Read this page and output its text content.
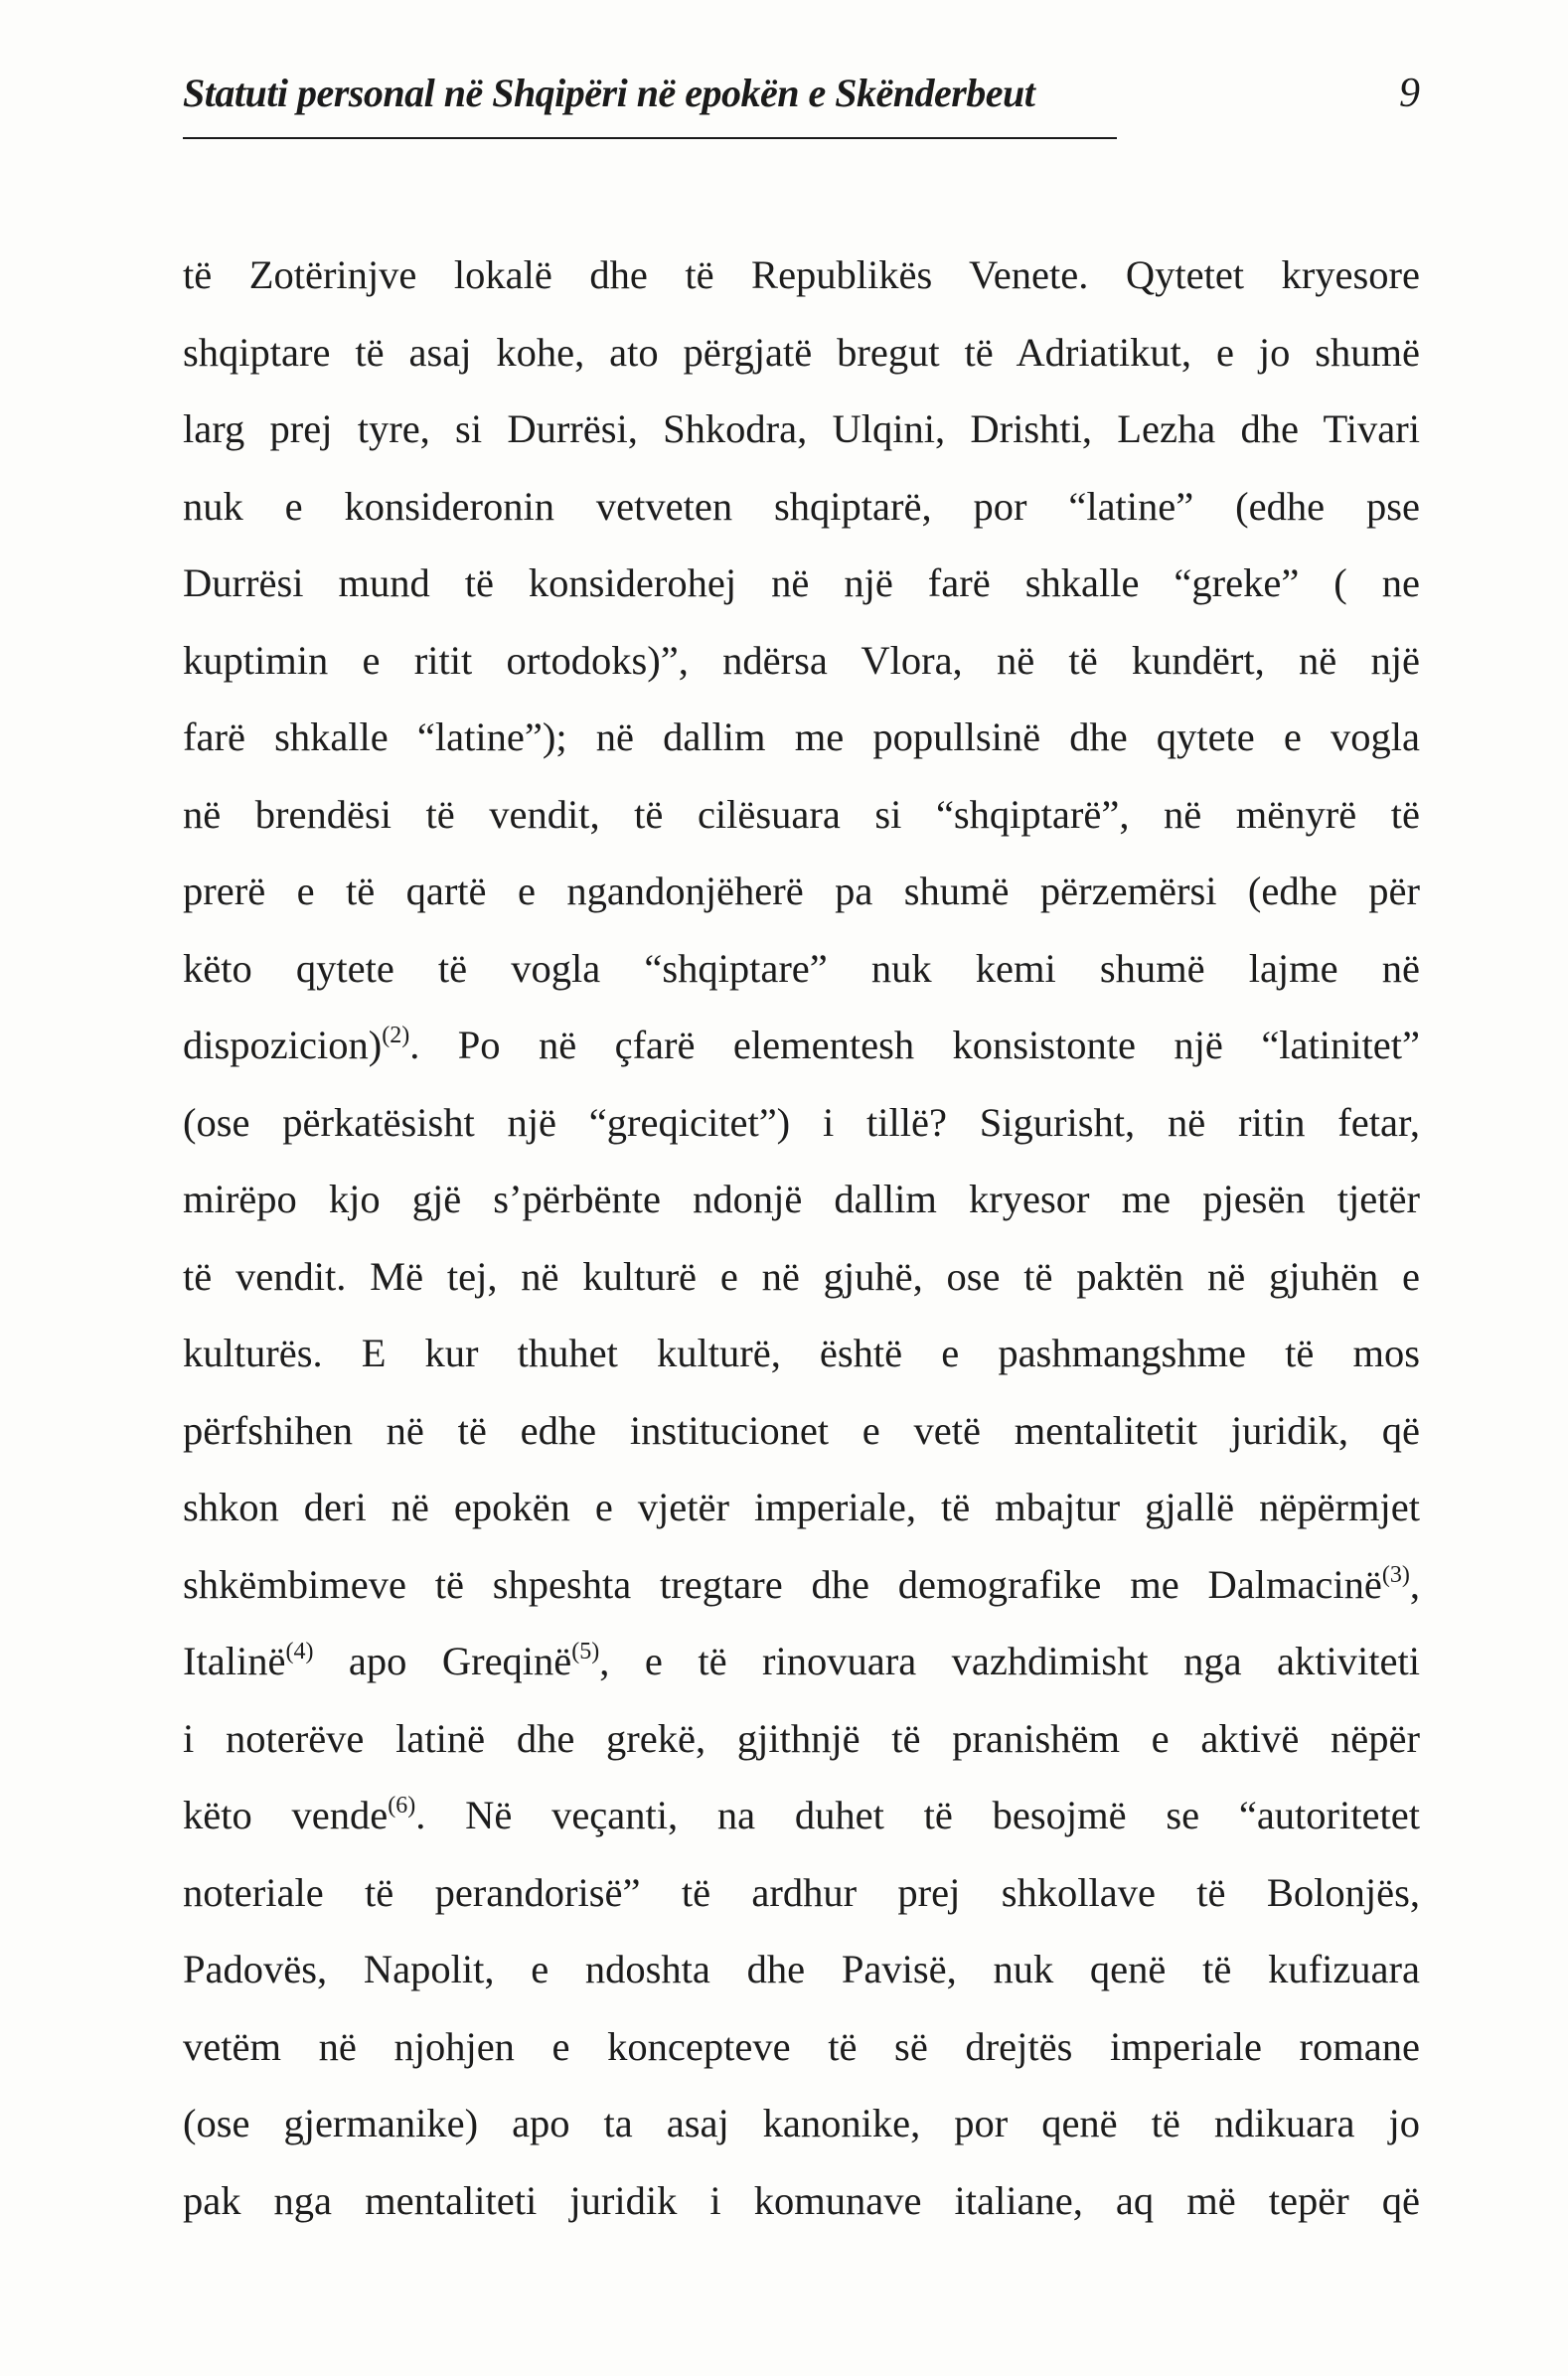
Statuti personal në Shqipëri në epokën e Skënderbeut	9
të Zotërinjve lokalë dhe të Republikës Venete. Qytetet kryesore
shqiptare të asaj kohe, ato përgjatë bregut të Adriatikut, e jo shumë
larg prej tyre, si Durrësi, Shkodra, Ulqini, Drishti, Lezha dhe Tivari
nuk e konsideronin vetveten shqiptarë, por “latine” (edhe pse
Durrësi mund të konsiderohej në një farë shkalle “greke” ( ne
kuptimin e ritit ortodoks)”, ndërsa Vlora, në të kundërt, në një
farë shkalle “latine”); në dallim me popullsinë dhe qytete e vogla
në brendësi të vendit, të cilësuara si “shqiptarë”, në mënyrë të
prerë e të qartë e ngandonjëherë pa shumë përzemërsi (edhe për
këto qytete të vogla “shqiptare” nuk kemi shumë lajme në
dispozicion)$^{(2)}$. Po në çfarë elementesh konsistonte një “latinitet”
(ose përkatësisht një “greqicitet”) i tillë? Sigurisht, në ritin fetar,
mirëpo kjo gjë s’përbënte ndonjë dallim kryesor me pjesën tjetër
të vendit. Më tej, në kulturë e në gjuhë, ose të paktën në gjuhën e
kulturës. E kur thuhet kulturë, është e pashmangshme të mos
përfshihen në të edhe institucionet e vetë mentalitetit juridik, që
shkon deri në epokën e vjetër imperiale, të mbajtur gjallë nëpërmjet
shkëmbimeve të shpeshta tregtare dhe demografike me Dalmacinë$^{(3)}$,
Italinë$^{(4)}$ apo Greqinë$^{(5)}$, e të rinovuara vazhdimisht nga aktiviteti
i noterëve latinë dhe grekë, gjithnjë të pranishëm e aktivë nëpër
këto vende$^{(6)}$. Në veçanti, na duhet të besojmë se “autoritetet
noteriale të perandorisë” të ardhur prej shkollave të Bolonjës,
Padovës, Napolit, e ndoshta dhe Pavisë, nuk qenë të kufizuara
vetëm në njohjen e koncepteve të së drejtës imperiale romane
(ose gjermanike) apo ta asaj kanonike, por qenë të ndikuara jo
pak nga mentaliteti juridik i komunave italiane, aq më tepër që
